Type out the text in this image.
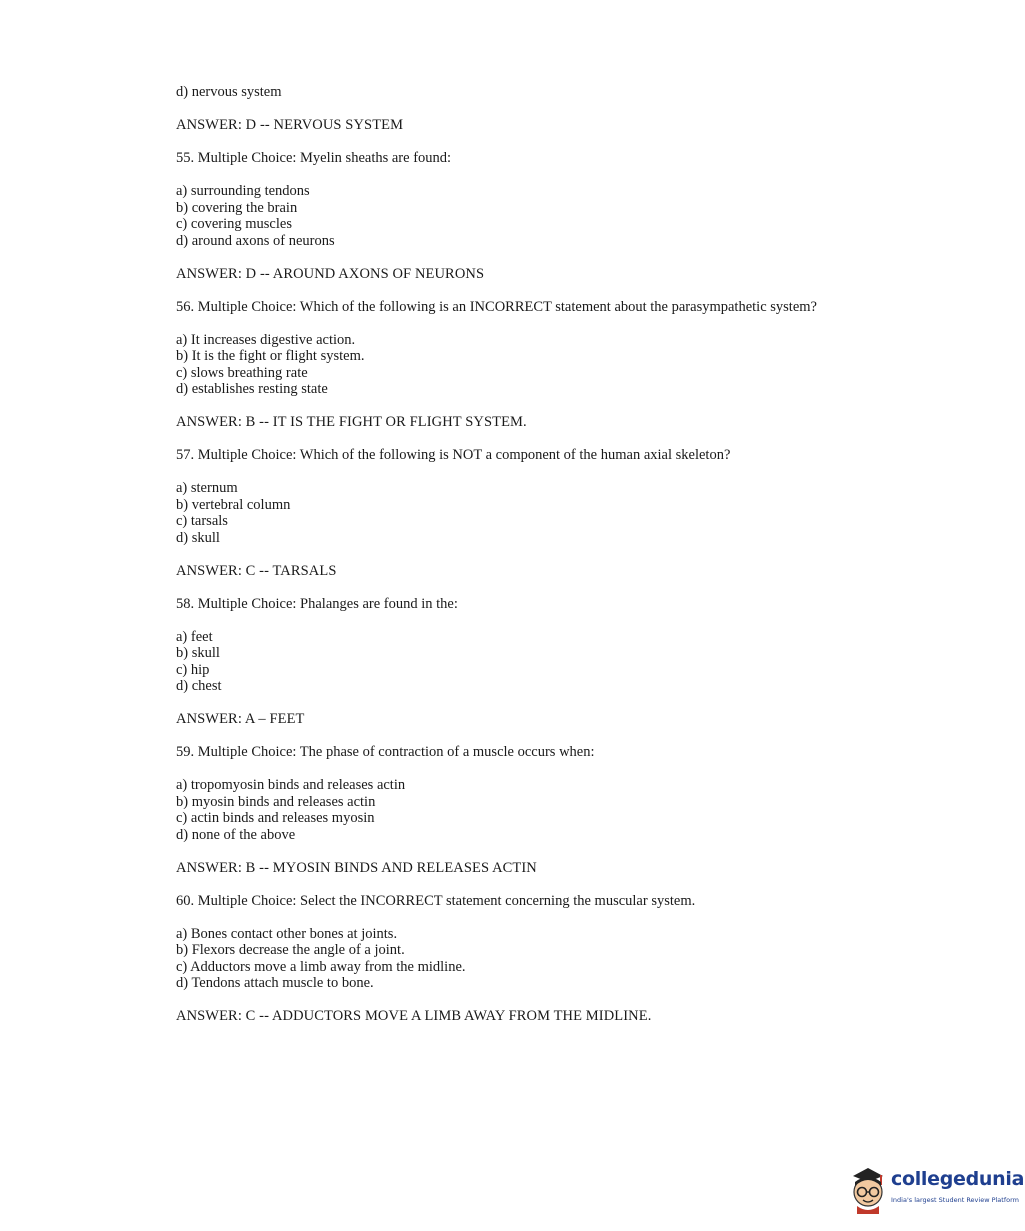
d) nervous system

ANSWER: D -- NERVOUS SYSTEM

55. Multiple Choice: Myelin sheaths are found:

a) surrounding tendons

b) covering the brain

c) covering muscles

d) around axons of neurons

ANSWER: D -- AROUND AXONS OF NEURONS

56. Multiple Choice: Which of the following is an INCORRECT statement about the parasympathetic system?

a) It increases digestive action.

b) It is the fight or flight system.

c) slows breathing rate

d) establishes resting state

ANSWER: B -- IT IS THE FIGHT OR FLIGHT SYSTEM.

57. Multiple Choice: Which of the following is NOT a component of the human axial skeleton?

a) sternum

b) vertebral column

c) tarsals

d) skull

ANSWER: C -- TARSALS

58. Multiple Choice: Phalanges are found in the:

a) feet

b) skull

c) hip

d) chest

ANSWER: A – FEET

59. Multiple Choice: The phase of contraction of a muscle occurs when:

a) tropomyosin binds and releases actin

b) myosin binds and releases actin

c) actin binds and releases myosin

d) none of the above

ANSWER: B -- MYOSIN BINDS AND RELEASES ACTIN

60. Multiple Choice: Select the INCORRECT statement concerning the muscular system.

a) Bones contact other bones at joints.

b) Flexors decrease the angle of a joint.

c) Adductors move a limb away from the midline.

d) Tendons attach muscle to bone.

ANSWER: C -- ADDUCTORS MOVE A LIMB AWAY FROM THE MIDLINE.

collegedunia
India's largest Student Review Platform
